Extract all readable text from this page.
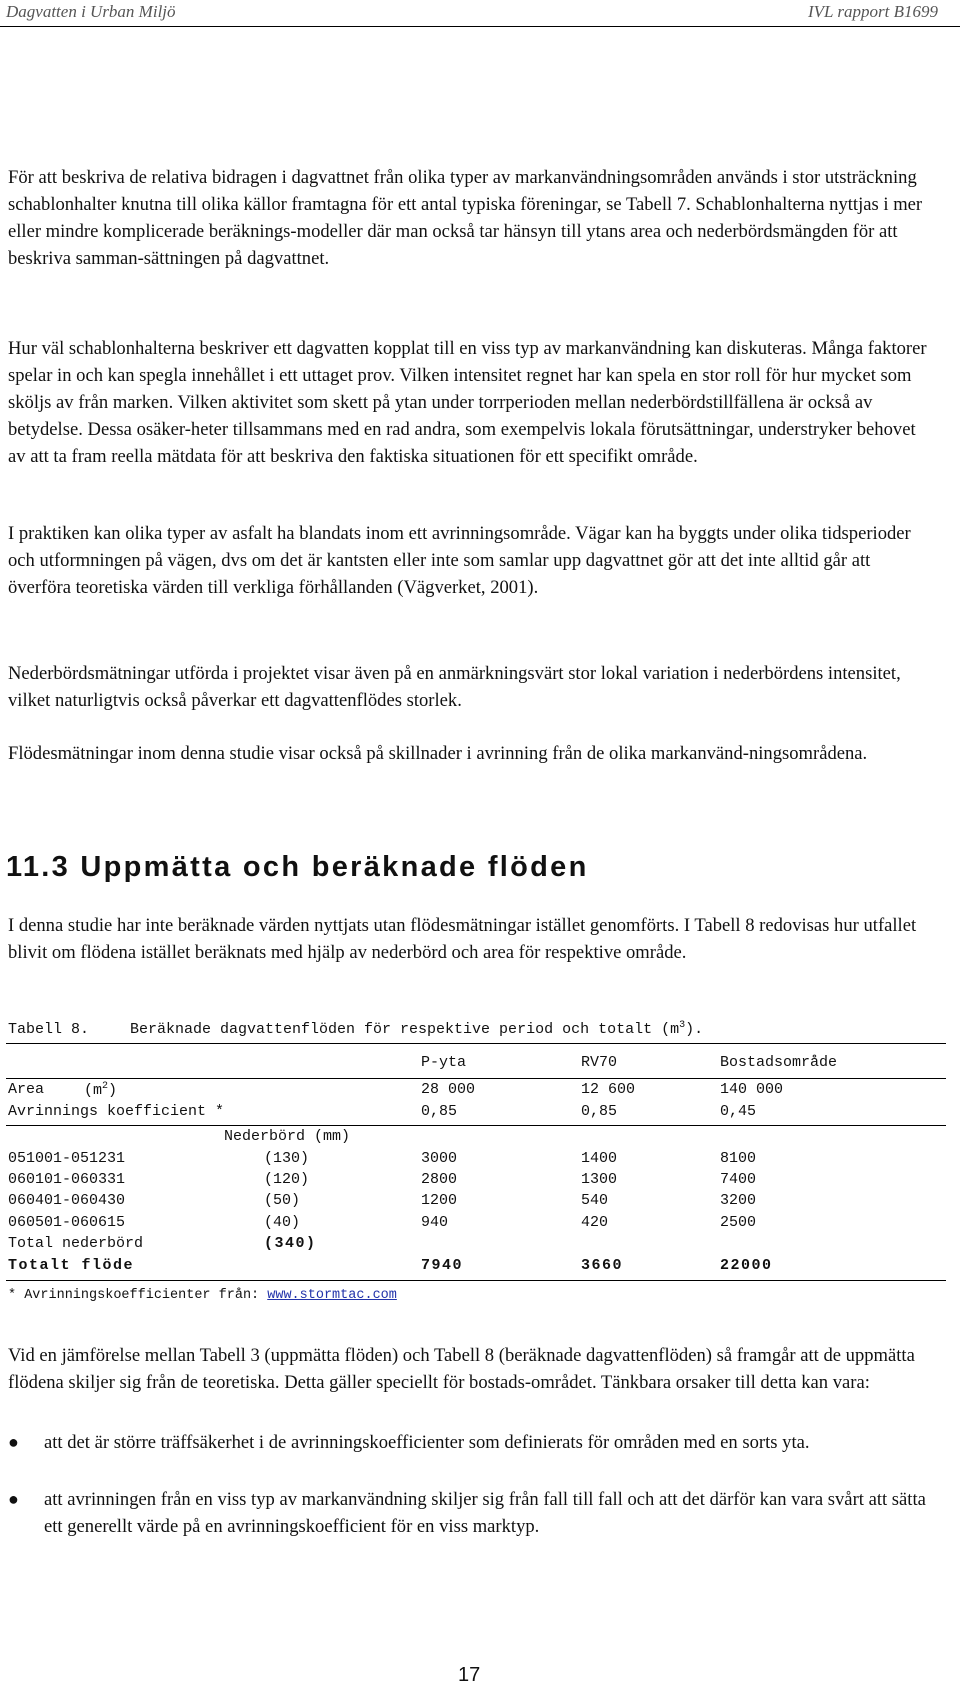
Dagvatten i Urban Miljö	IVL rapport B1699

För att beskriva de relativa bidragen i dagvattnet från olika typer av markanvändningsområden används i stor utsträckning schablonhalter knutna till olika källor framtagna för ett antal typiska föreningar, se Tabell 7. Schablonhalterna nyttjas i mer eller mindre komplicerade beräknings-modeller där man också tar hänsyn till ytans area och nederbördsmängden för att beskriva samman-sättningen på dagvattnet.

Hur väl schablonhalterna beskriver ett dagvatten kopplat till en viss typ av markanvändning kan diskuteras. Många faktorer spelar in och kan spegla innehållet i ett uttaget prov. Vilken intensitet regnet har kan spela en stor roll för hur mycket som sköljs av från marken. Vilken aktivitet som skett på ytan under torrperioden mellan nederbördstillfällena är också av betydelse. Dessa osäker-heter tillsammans med en rad andra, som exempelvis lokala förutsättningar, understryker behovet av att ta fram reella mätdata för att beskriva den faktiska situationen för ett specifikt område.

I praktiken kan olika typer av asfalt ha blandats inom ett avrinningsområde. Vägar kan ha byggts under olika tidsperioder och utformningen på vägen, dvs om det är kantsten eller inte som samlar upp dagvattnet gör att det inte alltid går att överföra teoretiska värden till verkliga förhållanden (Vägverket, 2001).

Nederbördsmätningar utförda i projektet visar även på en anmärkningsvärt stor lokal variation i nederbördens intensitet, vilket naturligtvis också påverkar ett dagvattenflödes storlek.

Flödesmätningar inom denna studie visar också på skillnader i avrinning från de olika markanvänd-ningsområdena.

11.3 Uppmätta och beräknade flöden

I denna studie har inte beräknade värden nyttjats utan flödesmätningar istället genomförts. I Tabell 8 redovisas hur utfallet blivit om flödena istället beräknats med hjälp av nederbörd och area för respektive område.

Tabell 8.	Beräknade dagvattenflöden för respektive period och totalt $(m^3)$.
P-yta	RV70	Bostadsområde
Area	$(m^2)$	28 000	12 600	140 000
Avrinnings koefficient *	0,85	0,85	0,45
Nederbörd (mm)
051001-051231	(130)	3000	1400	8100
060101-060331	(120)	2800	1300	7400
060401-060430	(50)	1200	540	3200
060501-060615	(40)	940	420	2500
Total nederbörd	(340)
Totalt flöde	7940	3660	22000
* Avrinningskoefficienter från: www.stormtac.com

Vid en jämförelse mellan Tabell 3 (uppmätta flöden) och Tabell 8 (beräknade dagvattenflöden) så framgår att de uppmätta flödena skiljer sig från de teoretiska. Detta gäller speciellt för bostads-området. Tänkbara orsaker till detta kan vara:

● att det är större träffsäkerhet i de avrinningskoefficienter som definierats för områden med en sorts yta.

● att avrinningen från en viss typ av markanvändning skiljer sig från fall till fall och att det därför kan vara svårt att sätta ett generellt värde på en avrinningskoefficient för en viss marktyp.

17
